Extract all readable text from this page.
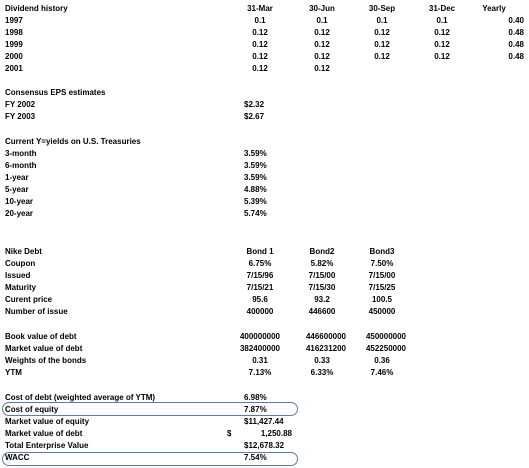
Dividend history	31-Mar	30-Jun	30-Sep	31-Dec	Yearly
1997	0.1	0.1	0.1	0.1	0.40
1998	0.12	0.12	0.12	0.12	0.48
1999	0.12	0.12	0.12	0.12	0.48
2000	0.12	0.12	0.12	0.12	0.48
2001	0.12	0.12
Consensus EPS estimates
FY 2002	$2.32
FY 2003	$2.67
Current Y=yields on U.S. Treasuries
3-month	3.59%
6-month	3.59%
1-year	3.59%
5-year	4.88%
10-year	5.39%
20-year	5.74%
Nike Debt	Bond 1	Bond2	Bond3
Coupon	6.75%	5.82%	7.50%
Issued	7/15/96	7/15/00	7/15/00
Maturity	7/15/21	7/15/30	7/15/25
Curent price	95.6	93.2	100.5
Number of issue	400000	446600	450000
Book value of debt	400000000	446600000	450000000
Market value of debt	382400000	416231200	452250000
Weights of the bonds	0.31	0.33	0.36
YTM	7.13%	6.33%	7.46%
Cost of debt (weighted average of YTM)	6.98%
Cost of equity	7.87%
Market value of equity	$11,427.44
Market value of debt	$	1,250.88
Total Enterprise Value	$12,678.32
WACC	7.54%
